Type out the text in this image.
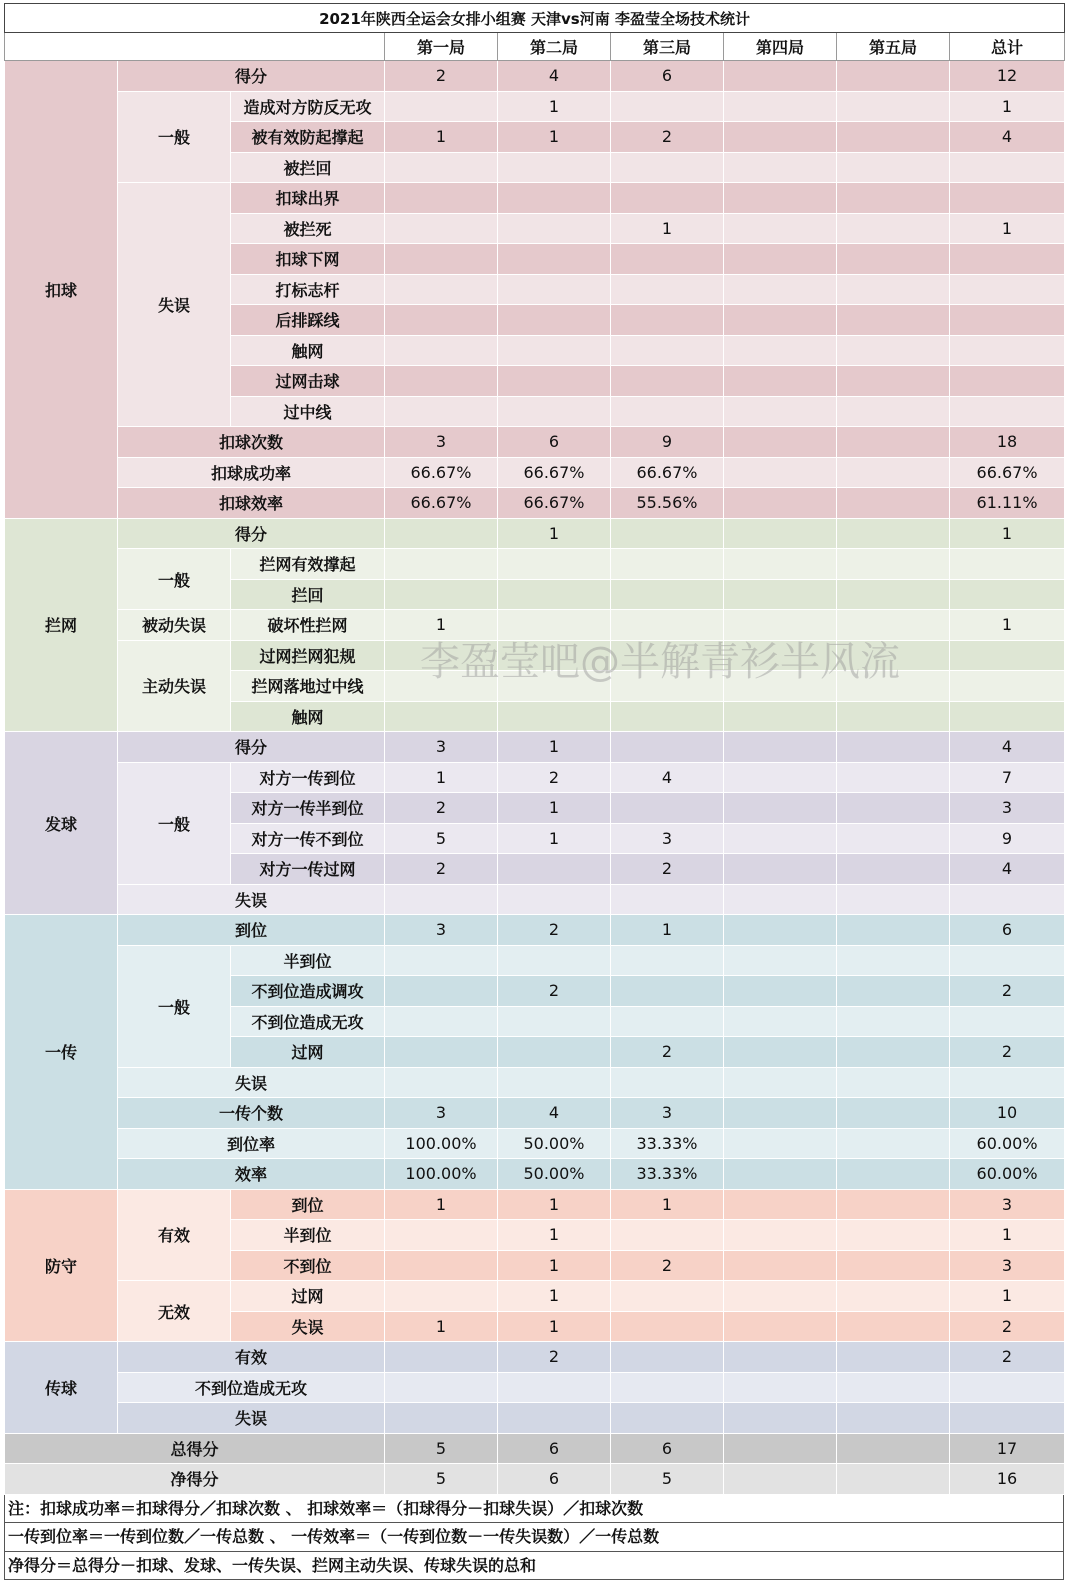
2021年陕西全运会女排小组赛 天津vs河南 李盈莹全场技术统计								
			第一局	第二局	第三局	第四局	第五局	总计
扣球	得分		2	4	6			12
	一般	造成对方防反无攻		1				1
		被有效防起撑起	1	1	2			4
		被拦回						
	失误	扣球出界						
		被拦死			1			1
		扣球下网						
		打标志杆						
		后排踩线						
		触网						
		过网击球						
		过中线						
	扣球次数		3	6	9			18
	扣球成功率		66.67%	66.67%	66.67%			66.67%
	扣球效率		66.67%	66.67%	55.56%			61.11%
拦网	得分			1				1
	一般	拦网有效撑起						
		拦回						
	被动失误	破坏性拦网	1					1
	主动失误	过网拦网犯规						
		拦网落地过中线						
		触网						
发球	得分		3	1				4
	一般	对方一传到位	1	2	4			7
		对方一传半到位	2	1				3
		对方一传不到位	5	1	3			9
		对方一传过网	2		2			4
	失误							
一传	到位		3	2	1			6
	一般	半到位						
		不到位造成调攻		2				2
		不到位造成无攻						
		过网			2			2
	失误							
	一传个数		3	4	3			10
	到位率		100.00%	50.00%	33.33%			60.00%
	效率		100.00%	50.00%	33.33%			60.00%
防守	有效	到位	1	1	1			3
		半到位		1				1
		不到位		1	2			3
	无效	过网		1				1
		失误	1	1				2
传球	有效			2				2
	不到位造成无攻							
	失误							
总得分			5	6	6			17
净得分			5	6	5			16
注：扣球成功率＝扣球得分／扣球次数 、 扣球效率＝（扣球得分－扣球失误）／扣球次数
一传到位率＝一传到位数／一传总数 、 一传效率＝（一传到位数－一传失误数）／一传总数
净得分＝总得分－扣球、发球、一传失误、拦网主动失误、传球失误的总和
李盈莹吧@半解青衫半风流
